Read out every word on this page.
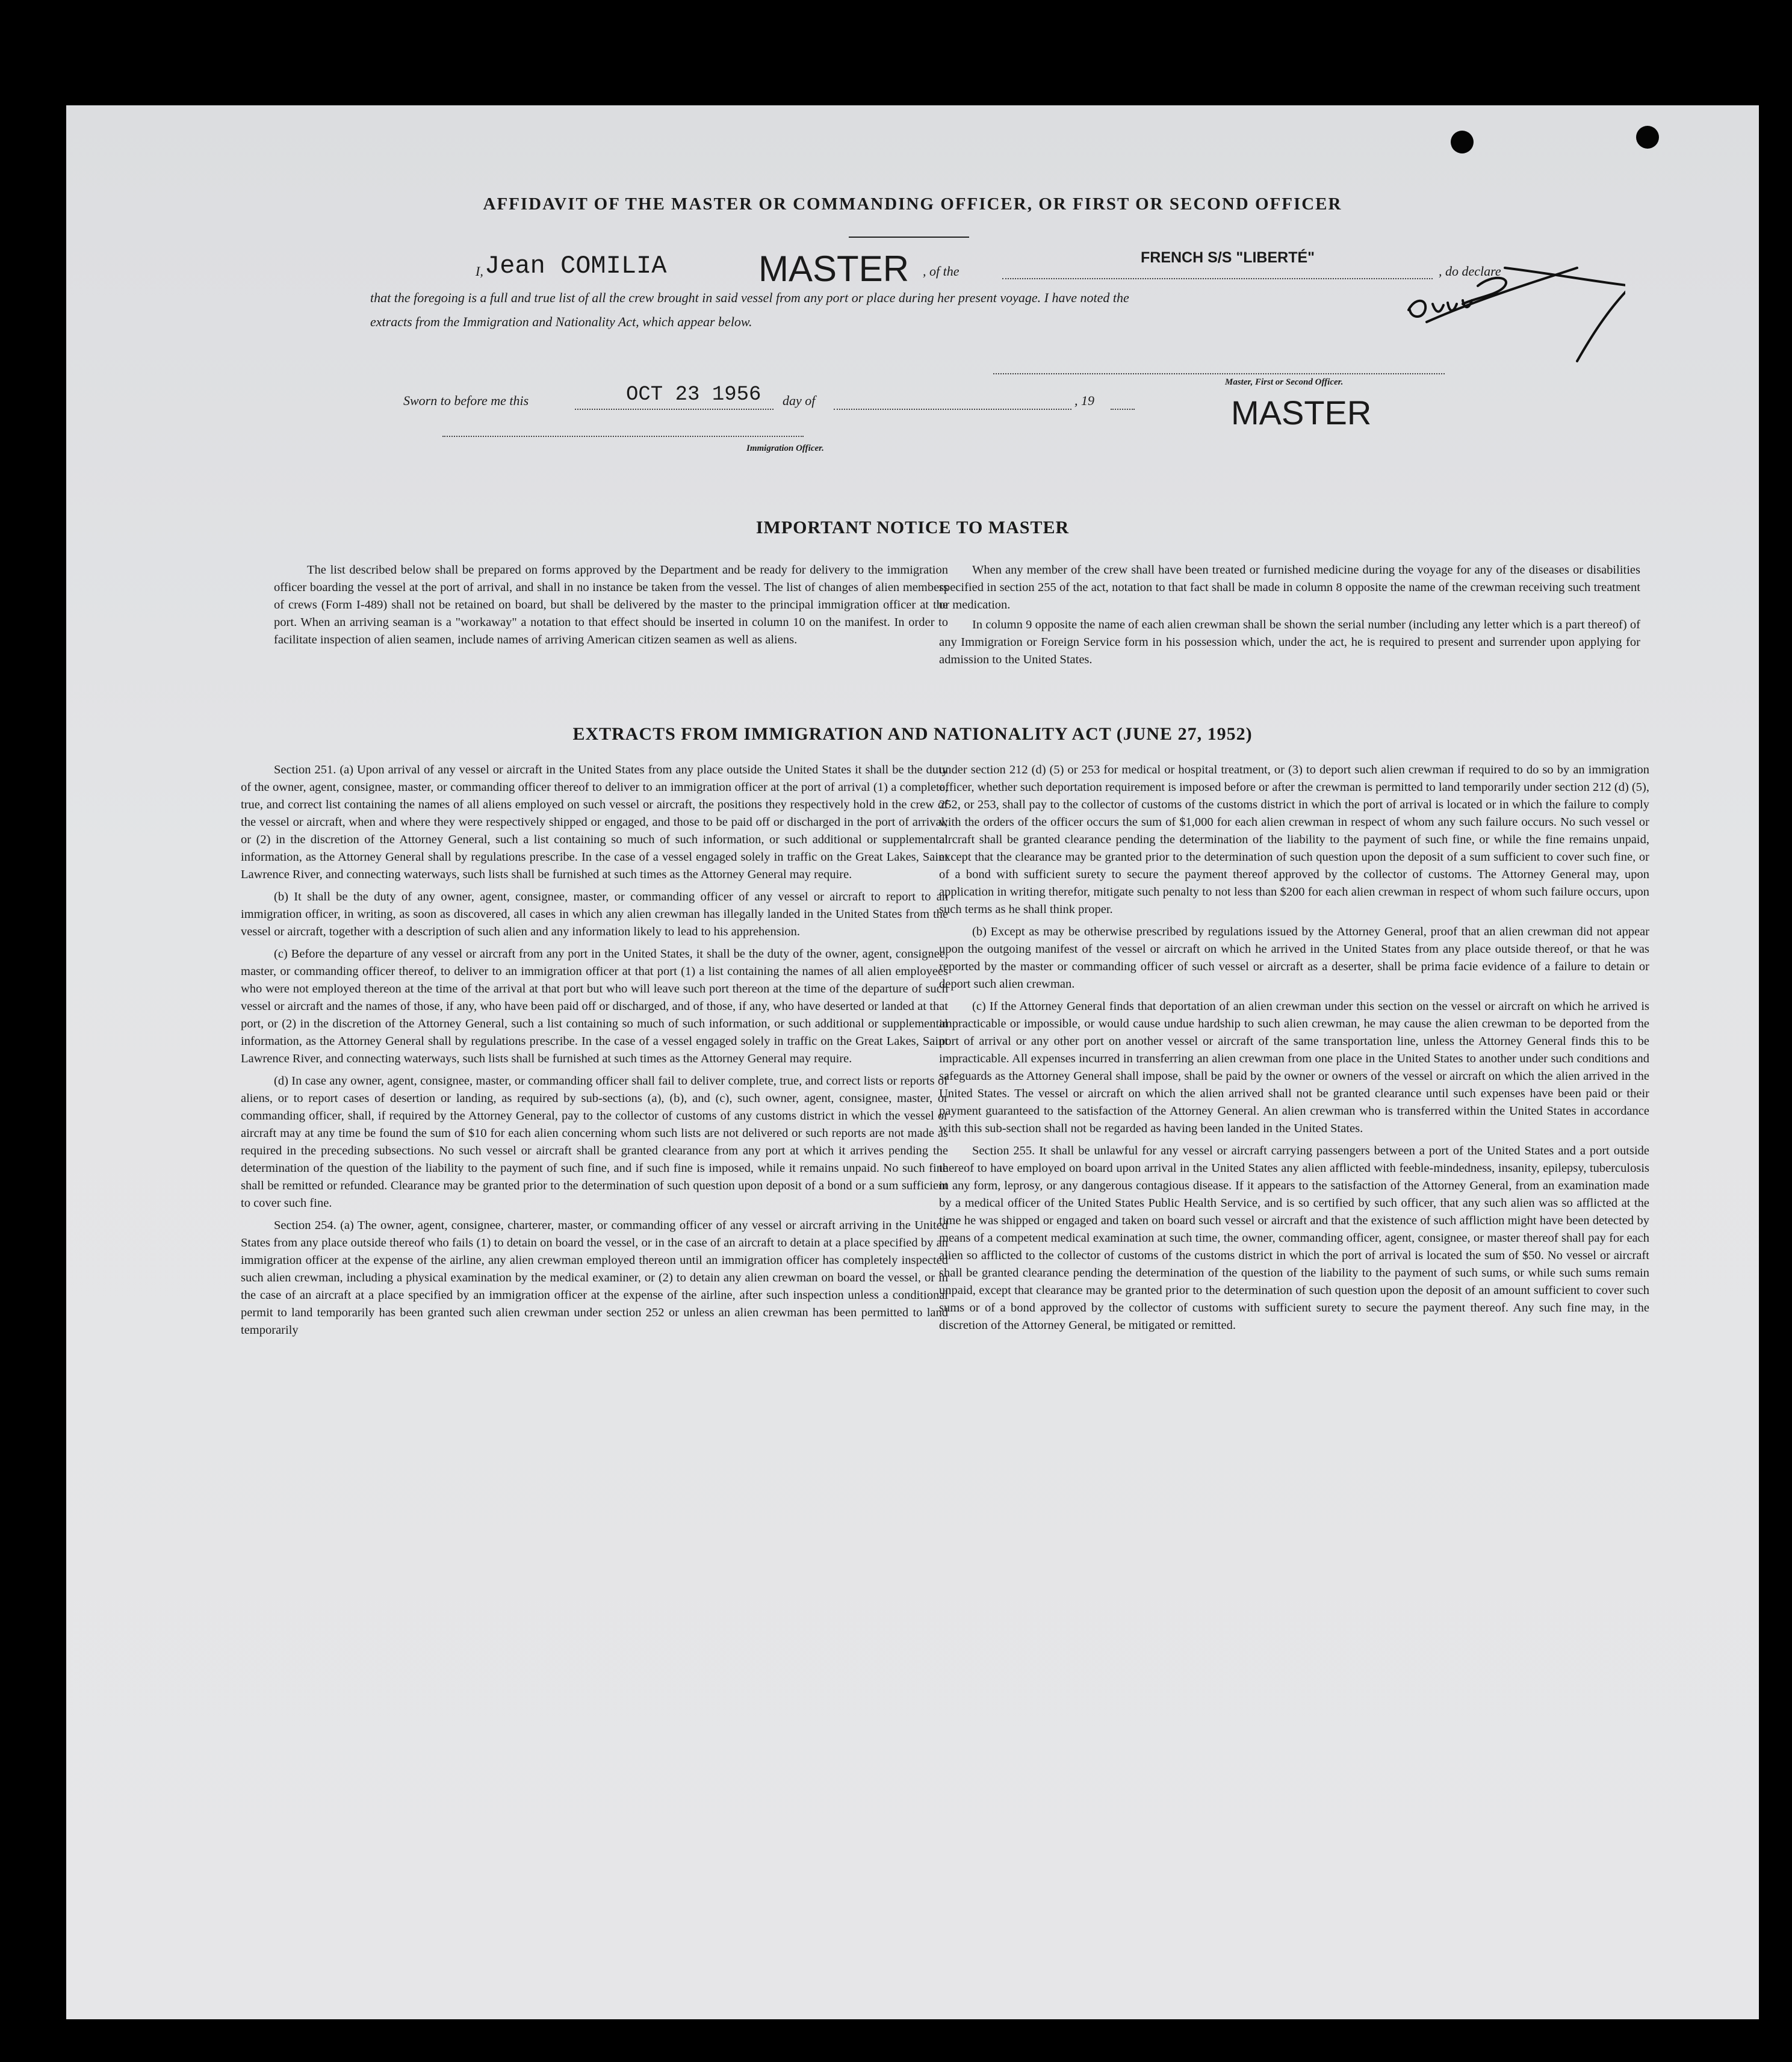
AFFIDAVIT OF THE MASTER OR COMMANDING OFFICER, OR FIRST OR SECOND OFFICER
I, Jean COMILIA	MASTER , of the
FRENCH S/S "LIBERTÉ"
, do declare
that the foregoing is a full and true list of all the crew brought in said vessel from any port or place during her present voyage. I have noted the
extracts from the Immigration and Nationality Act, which appear below.
Sworn to before me this	OCT 23 1956 day of	, 19
Master, First or Second Officer.
MASTER
Immigration Officer.
IMPORTANT NOTICE TO MASTER

The list described below shall be prepared on forms approved by the Department and be ready for delivery to the immigration officer boarding the vessel at the port of arrival, and shall in no instance be taken from the vessel. The list of changes of alien members of crews (Form I-489) shall not be retained on board, but shall be delivered by the master to the principal immigration officer at the port. When an arriving seaman is a "workaway" a notation to that effect should be inserted in column 10 on the manifest. In order to facilitate inspection of alien seamen, include names of arriving American citizen seamen as well as aliens.

When any member of the crew shall have been treated or furnished medicine during the voyage for any of the diseases or disabilities specified in section 255 of the act, notation to that fact shall be made in column 8 opposite the name of the crewman receiving such treatment or medication.

In column 9 opposite the name of each alien crewman shall be shown the serial number (including any letter which is a part thereof) of any Immigration or Foreign Service form in his possession which, under the act, he is required to present and surrender upon applying for admission to the United States.

EXTRACTS FROM IMMIGRATION AND NATIONALITY ACT (JUNE 27, 1952)

Section 251. (a) Upon arrival of any vessel or aircraft in the United States from any place outside the United States it shall be the duty of the owner, agent, consignee, master, or commanding officer thereof to deliver to an immigration officer at the port of arrival (1) a complete, true, and correct list containing the names of all aliens employed on such vessel or aircraft, the positions they respectively hold in the crew of the vessel or aircraft, when and where they were respectively shipped or engaged, and those to be paid off or discharged in the port of arrival; or (2) in the discretion of the Attorney General, such a list containing so much of such information, or such additional or supplemental information, as the Attorney General shall by regulations prescribe. In the case of a vessel engaged solely in traffic on the Great Lakes, Saint Lawrence River, and connecting waterways, such lists shall be furnished at such times as the Attorney General may require.

(b) It shall be the duty of any owner, agent, consignee, master, or commanding officer of any vessel or aircraft to report to an immigration officer, in writing, as soon as discovered, all cases in which any alien crewman has illegally landed in the United States from the vessel or aircraft, together with a description of such alien and any information likely to lead to his apprehension.

(c) Before the departure of any vessel or aircraft from any port in the United States, it shall be the duty of the owner, agent, consignee, master, or commanding officer thereof, to deliver to an immigration officer at that port (1) a list containing the names of all alien employees who were not employed thereon at the time of the arrival at that port but who will leave such port thereon at the time of the departure of such vessel or aircraft and the names of those, if any, who have been paid off or discharged, and of those, if any, who have deserted or landed at that port, or (2) in the discretion of the Attorney General, such a list containing so much of such information, or such additional or supplemental information, as the Attorney General shall by regulations prescribe. In the case of a vessel engaged solely in traffic on the Great Lakes, Saint Lawrence River, and connecting waterways, such lists shall be furnished at such times as the Attorney General may require.

(d) In case any owner, agent, consignee, master, or commanding officer shall fail to deliver complete, true, and correct lists or reports of aliens, or to report cases of desertion or landing, as required by sub-sections (a), (b), and (c), such owner, agent, consignee, master, or commanding officer, shall, if required by the Attorney General, pay to the collector of customs of any customs district in which the vessel or aircraft may at any time be found the sum of $10 for each alien concerning whom such lists are not delivered or such reports are not made as required in the preceding subsections. No such vessel or aircraft shall be granted clearance from any port at which it arrives pending the determination of the question of the liability to the payment of such fine, and if such fine is imposed, while it remains unpaid. No such fine shall be remitted or refunded. Clearance may be granted prior to the determination of such question upon deposit of a bond or a sum sufficient to cover such fine.

Section 254. (a) The owner, agent, consignee, charterer, master, or commanding officer of any vessel or aircraft arriving in the United States from any place outside thereof who fails (1) to detain on board the vessel, or in the case of an aircraft to detain at a place specified by an immigration officer at the expense of the airline, any alien crewman employed thereon until an immigration officer has completely inspected such alien crewman, including a physical examination by the medical examiner, or (2) to detain any alien crewman on board the vessel, or in the case of an aircraft at a place specified by an immigration officer at the expense of the airline, after such inspection unless a conditional permit to land temporarily has been granted such alien crewman under section 252 or unless an alien crewman has been permitted to land temporarily

under section 212 (d) (5) or 253 for medical or hospital treatment, or (3) to deport such alien crewman if required to do so by an immigration officer, whether such deportation requirement is imposed before or after the crewman is permitted to land temporarily under section 212 (d) (5), 252, or 253, shall pay to the collector of customs of the customs district in which the port of arrival is located or in which the failure to comply with the orders of the officer occurs the sum of $1,000 for each alien crewman in respect of whom any such failure occurs. No such vessel or aircraft shall be granted clearance pending the determination of the liability to the payment of such fine, or while the fine remains unpaid, except that the clearance may be granted prior to the determination of such question upon the deposit of a sum sufficient to cover such fine, or of a bond with sufficient surety to secure the payment thereof approved by the collector of customs. The Attorney General may, upon application in writing therefor, mitigate such penalty to not less than $200 for each alien crewman in respect of whom such failure occurs, upon such terms as he shall think proper.

(b) Except as may be otherwise prescribed by regulations issued by the Attorney General, proof that an alien crewman did not appear upon the outgoing manifest of the vessel or aircraft on which he arrived in the United States from any place outside thereof, or that he was reported by the master or commanding officer of such vessel or aircraft as a deserter, shall be prima facie evidence of a failure to detain or deport such alien crewman.

(c) If the Attorney General finds that deportation of an alien crewman under this section on the vessel or aircraft on which he arrived is impracticable or impossible, or would cause undue hardship to such alien crewman, he may cause the alien crewman to be deported from the port of arrival or any other port on another vessel or aircraft of the same transportation line, unless the Attorney General finds this to be impracticable. All expenses incurred in transferring an alien crewman from one place in the United States to another under such conditions and safeguards as the Attorney General shall impose, shall be paid by the owner or owners of the vessel or aircraft on which the alien arrived in the United States. The vessel or aircraft on which the alien arrived shall not be granted clearance until such expenses have been paid or their payment guaranteed to the satisfaction of the Attorney General. An alien crewman who is transferred within the United States in accordance with this sub-section shall not be regarded as having been landed in the United States.

Section 255. It shall be unlawful for any vessel or aircraft carrying passengers between a port of the United States and a port outside thereof to have employed on board upon arrival in the United States any alien afflicted with feeble-mindedness, insanity, epilepsy, tuberculosis in any form, leprosy, or any dangerous contagious disease. If it appears to the satisfaction of the Attorney General, from an examination made by a medical officer of the United States Public Health Service, and is so certified by such officer, that any such alien was so afflicted at the time he was shipped or engaged and taken on board such vessel or aircraft and that the existence of such affliction might have been detected by means of a competent medical examination at such time, the owner, commanding officer, agent, consignee, or master thereof shall pay for each alien so afflicted to the collector of customs of the customs district in which the port of arrival is located the sum of $50. No vessel or aircraft shall be granted clearance pending the determination of the question of the liability to the payment of such sums, or while such sums remain unpaid, except that clearance may be granted prior to the determination of such question upon the deposit of an amount sufficient to cover such sums or of a bond approved by the collector of customs with sufficient surety to secure the payment thereof. Any such fine may, in the discretion of the Attorney General, be mitigated or remitted.
